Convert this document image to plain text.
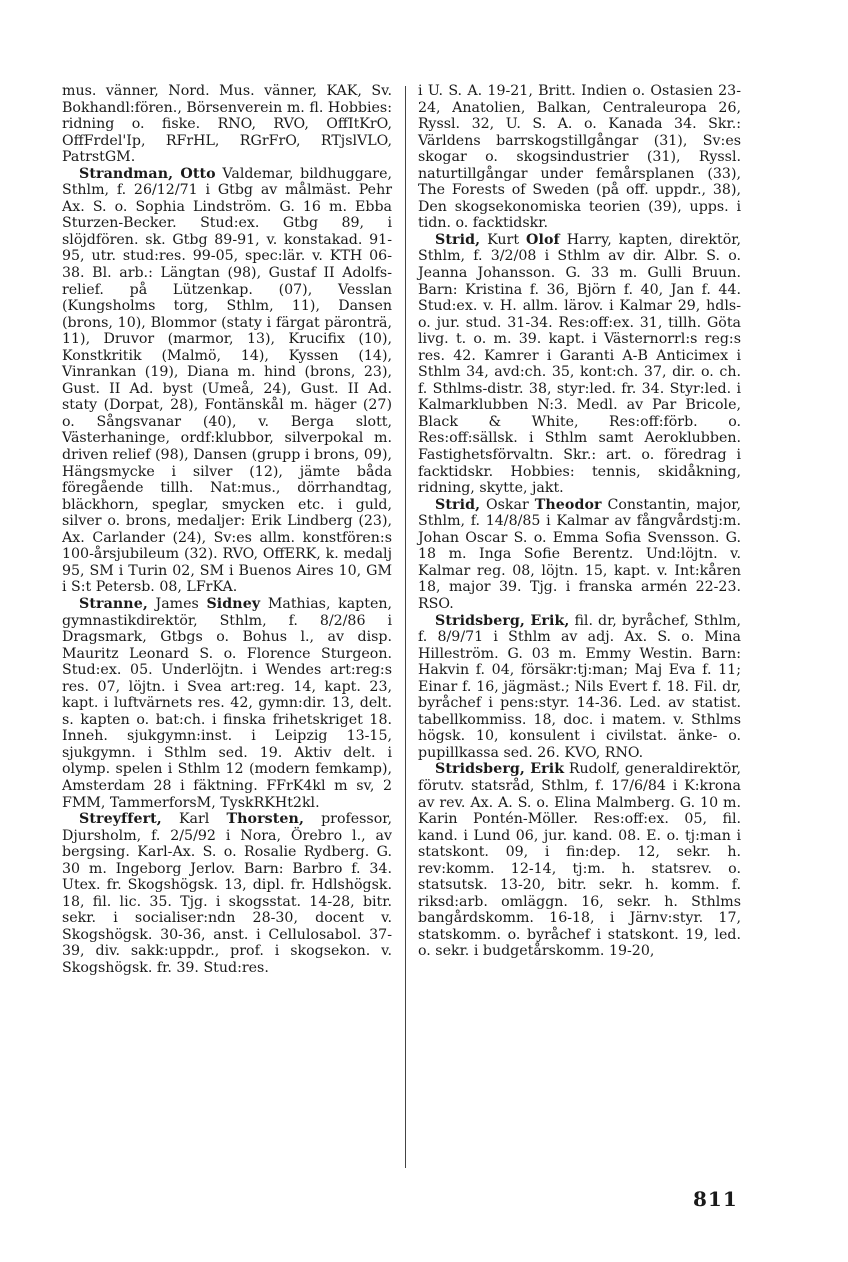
mus. vänner, Nord. Mus. vänner, KAK, Sv. Bokhandl:fören., Börsenverein m. fl. Hobbies: ridning o. fiske. RNO, RVO, OffItKrO, OffFrdel'Ip, RFrHL, RGrFrO, RTjslVLO, PatrstGM.

Strandman, Otto Valdemar, bildhuggare, Sthlm, f. 26/12/71 i Gtbg av målmäst. Pehr Ax. S. o. Sophia Lindström. G. 16 m. Ebba Sturzen-Becker. Stud:ex. Gtbg 89, i slöjdfören. sk. Gtbg 89-91, v. konstakad. 91-95, utr. stud:res. 99-05, spec:lär. v. KTH 06-38. Bl. arb.: Längtan (98), Gustaf II Adolfs-relief. på Lützenkap. (07), Vesslan (Kungsholms torg, Sthlm, 11), Dansen (brons, 10), Blommor (staty i färgat päronträ, 11), Druvor (marmor, 13), Krucifix (10), Konstkritik (Malmö, 14), Kyssen (14), Vinrankan (19), Diana m. hind (brons, 23), Gust. II Ad. byst (Umeå, 24), Gust. II Ad. staty (Dorpat, 28), Fontänskål m. häger (27) o. Sångsvanar (40), v. Berga slott, Västerhaninge, ordf:klubbor, silverpokal m. driven relief (98), Dansen (grupp i brons, 09), Hängsmycke i silver (12), jämte båda föregående tillh. Nat:mus., dörrhandtag, bläckhorn, speglar, smycken etc. i guld, silver o. brons, medaljer: Erik Lindberg (23), Ax. Carlander (24), Sv:es allm. konstfören:s 100-årsjubileum (32). RVO, OffERK, k. medalj 95, SM i Turin 02, SM i Buenos Aires 10, GM i S:t Petersb. 08, LFrKA.

Stranne, James Sidney Mathias, kapten, gymnastikdirektör, Sthlm, f. 8/2/86 i Dragsmark, Gtbgs o. Bohus l., av disp. Mauritz Leonard S. o. Florence Sturgeon. Stud:ex. 05. Underlöjtn. i Wendes art:reg:s res. 07, löjtn. i Svea art:reg. 14, kapt. 23, kapt. i luftvärnets res. 42, gymn:dir. 13, delt. s. kapten o. bat:ch. i finska frihetskriget 18. Inneh. sjukgymn:inst. i Leipzig 13-15, sjukgymn. i Sthlm sed. 19. Aktiv delt. i olymp. spelen i Sthlm 12 (modern femkamp), Amsterdam 28 i fäktning. FFrK4kl m sv, 2 FMM, TammerforsM, TyskRKHt2kl.

Streyffert, Karl Thorsten, professor, Djursholm, f. 2/5/92 i Nora, Örebro l., av bergsing. Karl-Ax. S. o. Rosalie Rydberg. G. 30 m. Ingeborg Jerlov. Barn: Barbro f. 34. Utex. fr. Skogshögsk. 13, dipl. fr. Hdlshögsk. 18, fil. lic. 35. Tjg. i skogsstat. 14-28, bitr. sekr. i socialiser:ndn 28-30, docent v. Skogshögsk. 30-36, anst. i Cellulosabol. 37-39, div. sakk:uppdr., prof. i skogsekon. v. Skogshögsk. fr. 39. Stud:res.

i U. S. A. 19-21, Britt. Indien o. Ostasien 23-24, Anatolien, Balkan, Centraleuropa 26, Ryssl. 32, U. S. A. o. Kanada 34. Skr.: Världens barrskogstillgångar (31), Sv:es skogar o. skogsindustrier (31), Ryssl. naturtillgångar under femårsplanen (33), The Forests of Sweden (på off. uppdr., 38), Den skogsekonomiska teorien (39), upps. i tidn. o. facktidskr.

Strid, Kurt Olof Harry, kapten, direktör, Sthlm, f. 3/2/08 i Sthlm av dir. Albr. S. o. Jeanna Johansson. G. 33 m. Gulli Bruun. Barn: Kristina f. 36, Björn f. 40, Jan f. 44. Stud:ex. v. H. allm. lärov. i Kalmar 29, hdls- o. jur. stud. 31-34. Res:off:ex. 31, tillh. Göta livg. t. o. m. 39. kapt. i Västernorrl:s reg:s res. 42. Kamrer i Garanti A-B Anticimex i Sthlm 34, avd:ch. 35, kont:ch. 37, dir. o. ch. f. Sthlms-distr. 38, styr:led. fr. 34. Styr:led. i Kalmarklubben N:3. Medl. av Par Bricole, Black & White, Res:off:förb. o. Res:off:sällsk. i Sthlm samt Aeroklubben. Fastighetsförvaltn. Skr.: art. o. föredrag i facktidskr. Hobbies: tennis, skidåkning, ridning, skytte, jakt.

Strid, Oskar Theodor Constantin, major, Sthlm, f. 14/8/85 i Kalmar av fångvårdstj:m. Johan Oscar S. o. Emma Sofia Svensson. G. 18 m. Inga Sofie Berentz. Und:löjtn. v. Kalmar reg. 08, löjtn. 15, kapt. v. Int:kåren 18, major 39. Tjg. i franska armén 22-23. RSO.

Stridsberg, Erik, fil. dr, byråchef, Sthlm, f. 8/9/71 i Sthlm av adj. Ax. S. o. Mina Hilleström. G. 03 m. Emmy Westin. Barn: Hakvin f. 04, försäkr:tj:man; Maj Eva f. 11; Einar f. 16, jägmäst.; Nils Evert f. 18. Fil. dr, byråchef i pens:styr. 14-36. Led. av statist. tabellkommiss. 18, doc. i matem. v. Sthlms högsk. 10, konsulent i civilstat. änke- o. pupillkassa sed. 26. KVO, RNO.

Stridsberg, Erik Rudolf, generaldirektör, förutv. statsråd, Sthlm, f. 17/6/84 i K:krona av rev. Ax. A. S. o. Elina Malmberg. G. 10 m. Karin Pontén-Möller. Res:off:ex. 05, fil. kand. i Lund 06, jur. kand. 08. E. o. tj:man i statskont. 09, i fin:dep. 12, sekr. h. rev:komm. 12-14, tj:m. h. statsrev. o. statsutsk. 13-20, bitr. sekr. h. komm. f. riksd:arb. omläggn. 16, sekr. h. Sthlms bangårdskomm. 16-18, i Järnv:styr. 17, statskomm. o. byråchef i statskont. 19, led. o. sekr. i budgetårskomm. 19-20,

811
